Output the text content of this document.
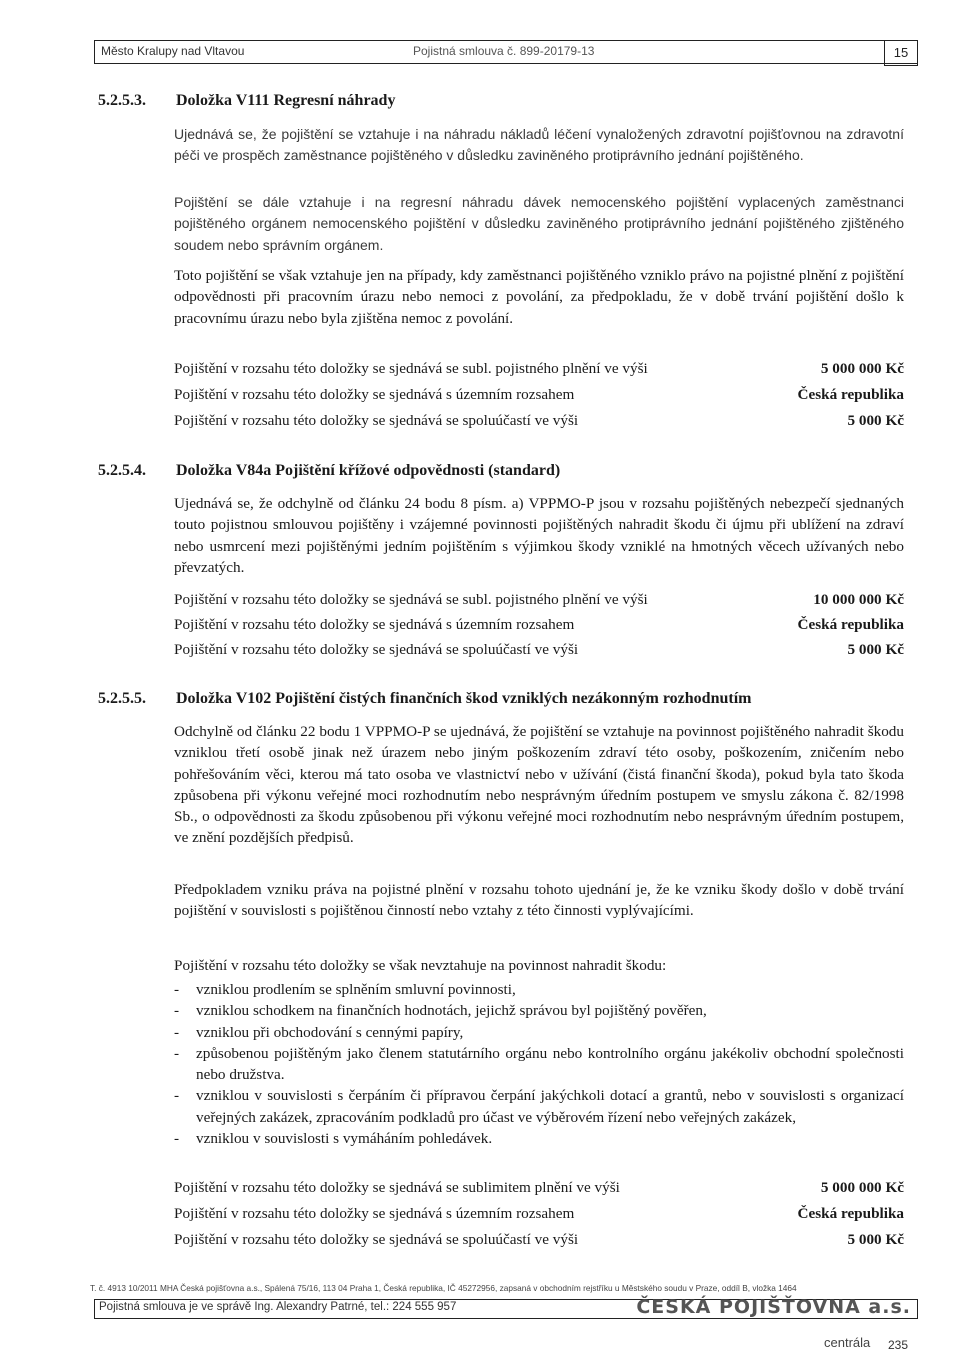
Město Kralupy nad Vltavou	Pojistná smlouva č. 899-20179-13	15
5.2.5.3. Doložka V111 Regresní náhrady
Ujednává se, že pojištění se vztahuje i na náhradu nákladů léčení vynaložených zdravotní pojišťovnou na zdravotní péči ve prospěch zaměstnance pojištěného v důsledku zaviněného protiprávního jednání pojištěného.
Pojištění se dále vztahuje i na regresní náhradu dávek nemocenského pojištění vyplacených zaměstnanci pojištěného orgánem nemocenského pojištění v důsledku zaviněného protiprávního jednání pojištěného zjištěného soudem nebo správním orgánem.
Toto pojištění se však vztahuje jen na případy, kdy zaměstnanci pojištěného vzniklo právo na pojistné plnění z pojištění odpovědnosti při pracovním úrazu nebo nemoci z povolání, za předpokladu, že v době trvání pojištění došlo k pracovnímu úrazu nebo byla zjištěna nemoc z povolání.
Pojištění v rozsahu této doložky se sjednává se subl. pojistného plnění ve výši	5 000 000 Kč
Pojištění v rozsahu této doložky se sjednává s územním rozsahem	Česká republika
Pojištění v rozsahu této doložky se sjednává se spoluúčastí ve výši	5 000 Kč
5.2.5.4. Doložka V84a Pojištění křížové odpovědnosti (standard)
Ujednává se, že odchylně od článku 24 bodu 8 písm. a) VPPMO-P jsou v rozsahu pojištěných nebezpečí sjednaných touto pojistnou smlouvou pojištěny i vzájemné povinnosti pojištěných nahradit škodu či újmu při ublížení na zdraví nebo usmrcení mezi pojištěnými jedním pojištěním s výjimkou škody vzniklé na hmotných věcech užívaných nebo převzatých.
Pojištění v rozsahu této doložky se sjednává se subl. pojistného plnění ve výši	10 000 000 Kč
Pojištění v rozsahu této doložky se sjednává s územním rozsahem	Česká republika
Pojištění v rozsahu této doložky se sjednává se spoluúčastí ve výši	5 000 Kč
5.2.5.5. Doložka V102 Pojištění čistých finančních škod vzniklých nezákonným rozhodnutím
Odchylně od článku 22 bodu 1 VPPMO-P se ujednává, že pojištění se vztahuje na povinnost pojištěného nahradit škodu vzniklou třetí osobě jinak než úrazem nebo jiným poškozením zdraví této osoby, poškozením, zničením nebo pohřešováním věci, kterou má tato osoba ve vlastnictví nebo v užívání (čistá finanční škoda), pokud byla tato škoda způsobena při výkonu veřejné moci rozhodnutím nebo nesprávným úředním postupem ve smyslu zákona č. 82/1998 Sb., o odpovědnosti za škodu způsobenou při výkonu veřejné moci rozhodnutím nebo nesprávným úředním postupem, ve znění pozdějších předpisů.
Předpokladem vzniku práva na pojistné plnění v rozsahu tohoto ujednání je, že ke vzniku škody došlo v době trvání pojištění v souvislosti s pojištěnou činností nebo vztahy z této činnosti vyplývajícími.
Pojištění v rozsahu této doložky se však nevztahuje na povinnost nahradit škodu:
- vzniklou prodlením se splněním smluvní povinnosti,
- vzniklou schodkem na finančních hodnotách, jejichž správou byl pojištěný pověřen,
- vzniklou při obchodování s cennými papíry,
- způsobenou pojištěným jako členem statutárního orgánu nebo kontrolního orgánu jakékoliv obchodní společnosti nebo družstva.
- vzniklou v souvislosti s čerpáním či přípravou čerpání jakýchkoli dotací a grantů, nebo v souvislosti s organizací veřejných zakázek, zpracováním podkladů pro účast ve výběrovém řízení nebo veřejných zakázek,
- vzniklou v souvislosti s vymáháním pohledávek.
Pojištění v rozsahu této doložky se sjednává se sublimitem plnění ve výši	5 000 000 Kč
Pojištění v rozsahu této doložky se sjednává s územním rozsahem	Česká republika
Pojištění v rozsahu této doložky se sjednává se spoluúčastí ve výši	5 000 Kč
T. č. 4913 10/2011 MHA Česká pojišťovna a.s., Spálená 75/16, 113 04 Praha 1, Česká republika, IČ 45272956, zapsaná v obchodním rejstříku u Městského soudu v Praze, oddíl B, vložka 1464
Pojistná smlouva je ve správě Ing. Alexandry Patrné, tel.: 224 555 957	ČESKÁ POJIŠŤOVNA a.s.
centrála 235
